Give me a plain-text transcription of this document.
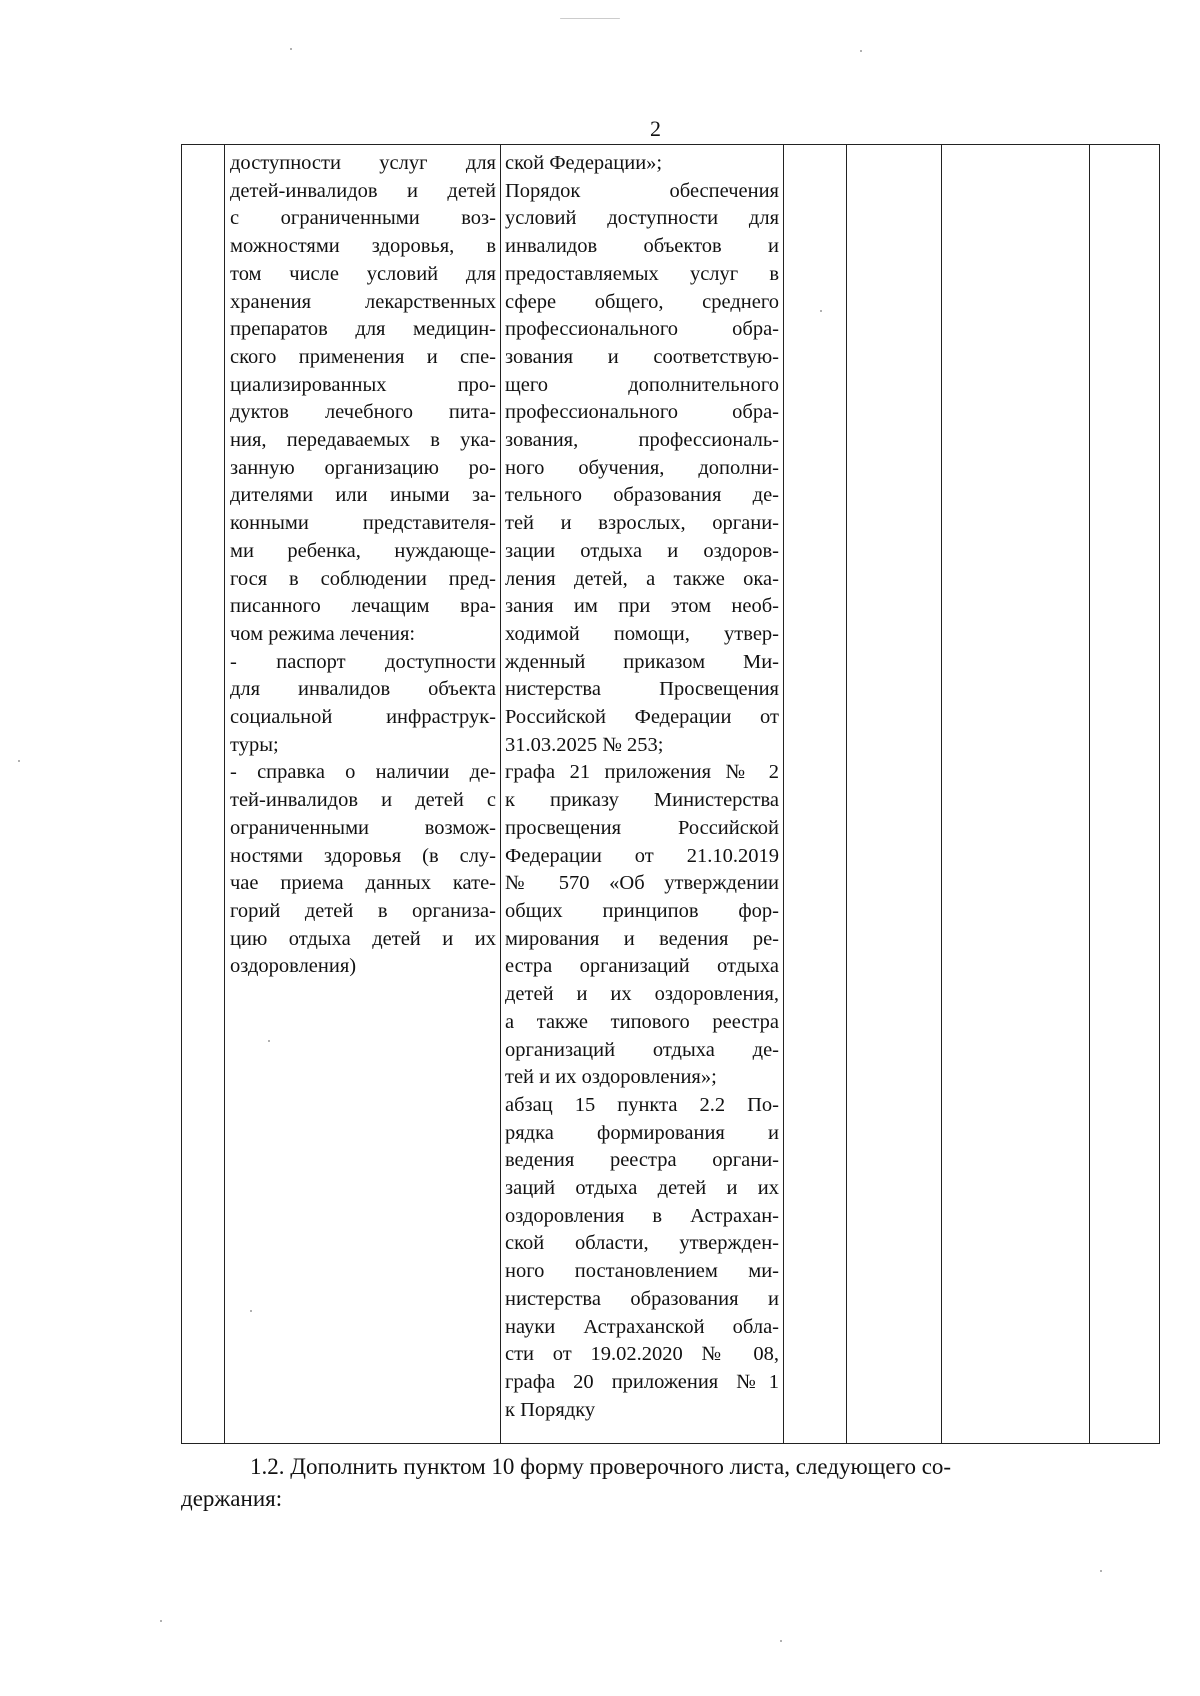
2
доступности услуг для
детей-инвалидов и детей
с ограниченными воз-
можностями здоровья, в
том числе условий для
хранения лекарственных
препаратов для медицин-
ского применения и спе-
циализированных про-
дуктов лечебного пита-
ния, передаваемых в ука-
занную организацию ро-
дителями или иными за-
конными представителя-
ми ребенка, нуждающе-
гося в соблюдении пред-
писанного лечащим вра-
чом режима лечения:
- паспорт доступности
для инвалидов объекта
социальной инфраструк-
туры;
- справка о наличии де-
тей-инвалидов и детей с
ограниченными возмож-
ностями здоровья (в слу-
чае приема данных кате-
горий детей в организа-
цию отдыха детей и их
оздоровления)
ской Федерации»;
Порядок обеспечения
условий доступности для
инвалидов объектов и
предоставляемых услуг в
сфере общего, среднего
профессионального обра-
зования и соответствую-
щего дополнительного
профессионального обра-
зования, профессиональ-
ного обучения, дополни-
тельного образования де-
тей и взрослых, органи-
зации отдыха и оздоров-
ления детей, а также ока-
зания им при этом необ-
ходимой помощи, утвер-
жденный приказом Ми-
нистерства Просвещения
Российской Федерации от
31.03.2025 № 253;
графа 21 приложения № 2
к приказу Министерства
просвещения Российской
Федерации от 21.10.2019
№ 570 «Об утверждении
общих принципов фор-
мирования и ведения ре-
естра организаций отдыха
детей и их оздоровления,
а также типового реестра
организаций отдыха де-
тей и их оздоровления»;
абзац 15 пункта 2.2 По-
рядка формирования и
ведения реестра органи-
заций отдыха детей и их
оздоровления в Астрахан-
ской области, утвержден-
ного постановлением ми-
нистерства образования и
науки Астраханской обла-
сти от 19.02.2020 № 08,
графа 20 приложения №1
к Порядку
1.2. Дополнить пунктом 10 форму проверочного листа, следующего со-
держания:
